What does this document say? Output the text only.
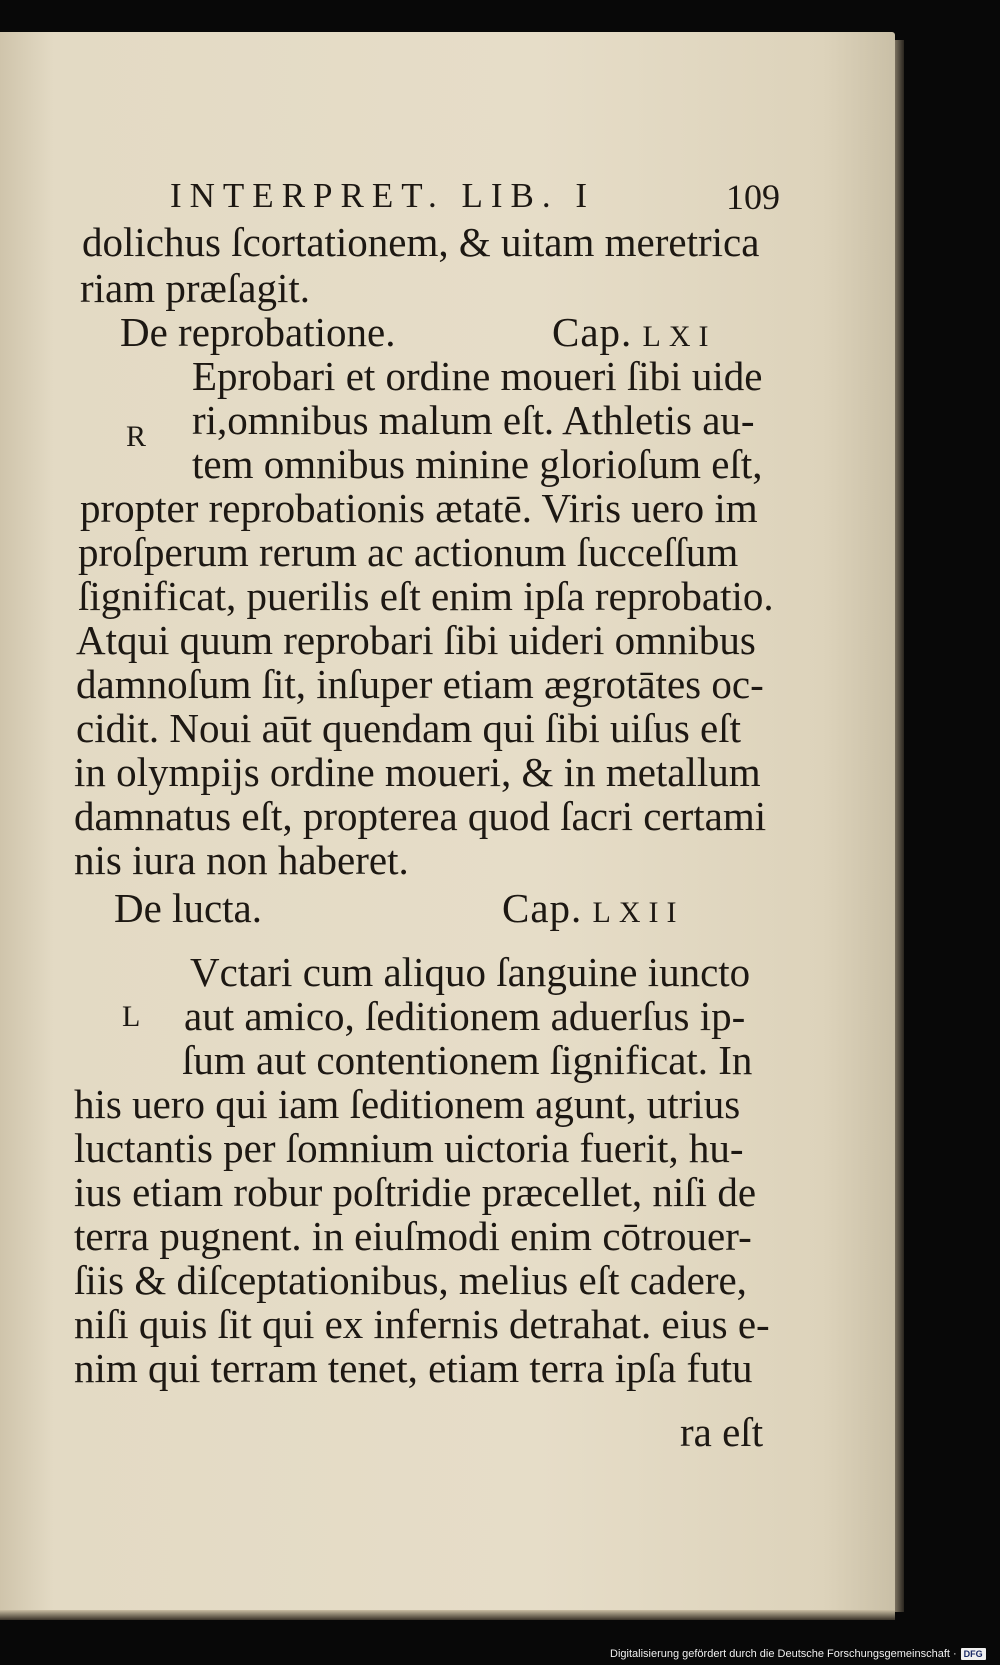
INTERPRET. LIB. I	109
dolichus ſcortationem, & uitam meretrica
riam præſagit.
De reprobatione.	Cap. LXI
R
Eprobari et ordine moueri ſibi uide
ri,omnibus malum eſt. Athletis au-
tem omnibus minine glorioſum eſt,
propter reprobationis ætatē. Viris uero im
proſperum rerum ac actionum ſucceſſum
ſignificat, puerilis eſt enim ipſa reprobatio.
Atqui quum reprobari ſibi uideri omnibus
damnoſum ſit, inſuper etiam ægrotātes oc-
cidit. Noui aūt quendam qui ſibi uiſus eſt
in olympijs ordine moueri, & in metallum
damnatus eſt, propterea quod ſacri certami
nis iura non haberet.
De lucta.	Cap. LXII
L
Vctari cum aliquo ſanguine iuncto
aut amico, ſeditionem aduerſus ip-
ſum aut contentionem ſignificat. In
his uero qui iam ſeditionem agunt, utrius
luctantis per ſomnium uictoria fuerit, hu-
ius etiam robur poſtridie præcellet, niſi de
terra pugnent. in eiuſmodi enim cōtrouer-
ſiis & diſceptationibus, melius eſt cadere,
niſi quis ſit qui ex infernis detrahat. eius e-
nim qui terram tenet, etiam terra ipſa futu
ra eſt
Digitalisierung gefördert durch die Deutsche Forschungsgemeinschaft · DFG
